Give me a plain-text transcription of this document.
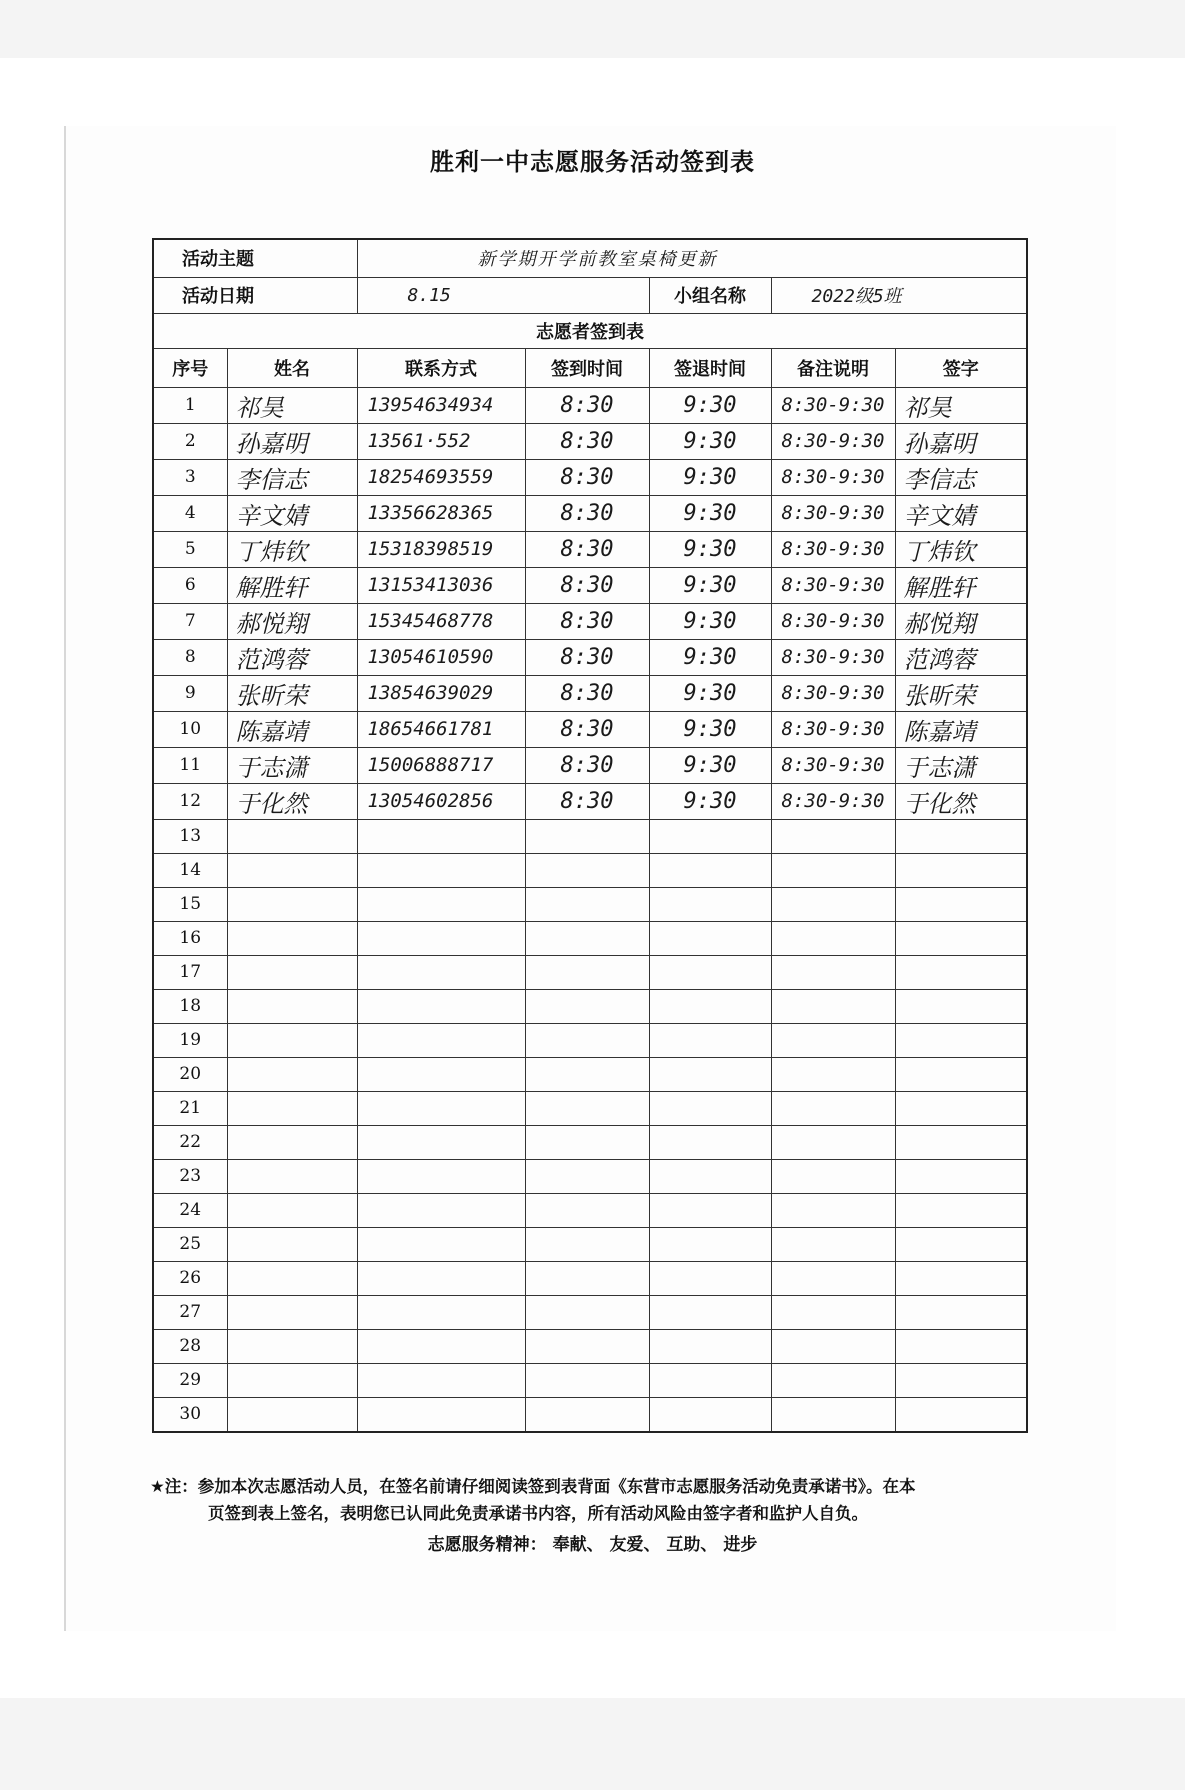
胜利一中志愿服务活动签到表
活动主题		新学期开学前教室桌椅更新				
活动日期		8.15		小组名称	2022级5班	
志愿者签到表						
序号	姓名	联系方式	签到时间	签退时间	备注说明	签字
1	祁昊	13954634934	8:30	9:30	8:30-9:30	祁昊
2	孙嘉明	13561·552	8:30	9:30	8:30-9:30	孙嘉明
3	李信志	18254693559	8:30	9:30	8:30-9:30	李信志
4	辛文婧	13356628365	8:30	9:30	8:30-9:30	辛文婧
5	丁炜钦	15318398519	8:30	9:30	8:30-9:30	丁炜钦
6	解胜轩	13153413036	8:30	9:30	8:30-9:30	解胜轩
7	郝悦翔	15345468778	8:30	9:30	8:30-9:30	郝悦翔
8	范鸿蓉	13054610590	8:30	9:30	8:30-9:30	范鸿蓉
9	张昕荣	13854639029	8:30	9:30	8:30-9:30	张昕荣
10	陈嘉靖	18654661781	8:30	9:30	8:30-9:30	陈嘉靖
11	于志潇	15006888717	8:30	9:30	8:30-9:30	于志潇
12	于化然	13054602856	8:30	9:30	8:30-9:30	于化然
13						
14						
15						
16						
17						
18						
19						
20						
21						
22						
23						
24						
25						
26						
27						
28						
29						
30						
★注：参加本次志愿活动人员，在签名前请仔细阅读签到表背面《东营市志愿服务活动免责承诺书》。在本
页签到表上签名，表明您已认同此免责承诺书内容，所有活动风险由签字者和监护人自负。
志愿服务精神： 奉献、 友爱、 互助、 进步
